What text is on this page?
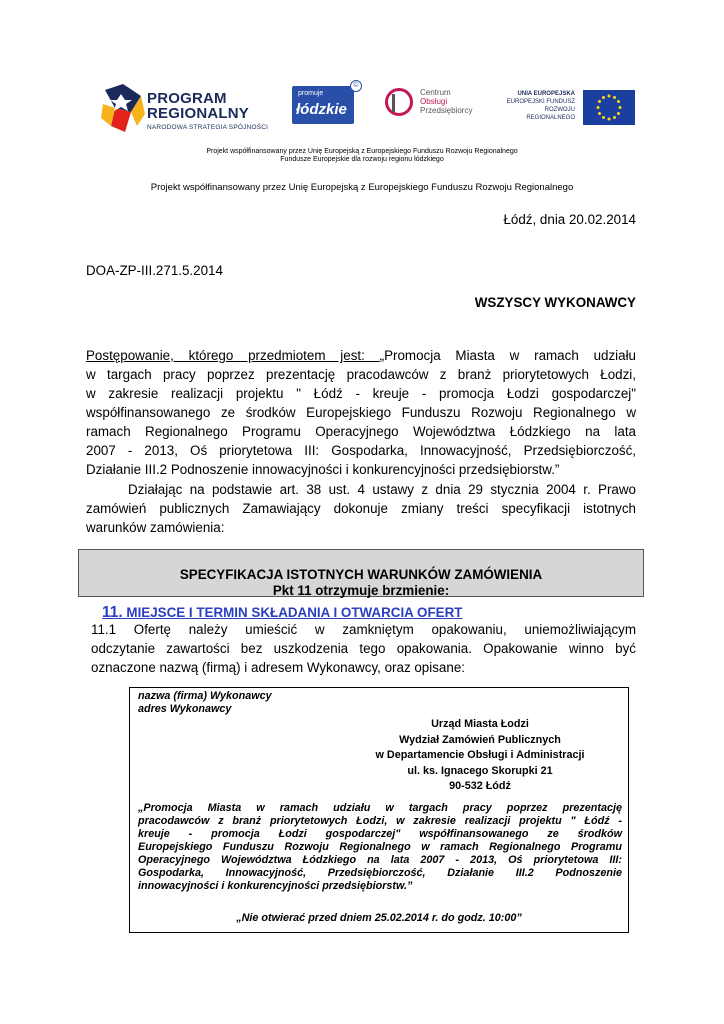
PROGRAM
REGIONALNY
NARODOWA STRATEGIA SPÓJNOŚCI
promuje
łódzkie
©
Centrum
Obsługi
Przedsiębiorcy
UNIA EUROPEJSKA
EUROPEJSKI FUNDUSZ
ROZWOJU REGIONALNEGO
Projekt współfinansowany przez Unię Europejską z Europejskiego Funduszu Rozwoju Regionalnego
Fundusze Europejskie dla rozwoju regionu łódzkiego
Projekt współfinansowany przez Unię Europejską z Europejskiego Funduszu Rozwoju Regionalnego
Łódź, dnia 20.02.2014
DOA-ZP-III.271.5.2014
WSZYSCY WYKONAWCY
Postępowanie, którego przedmiotem jest: „Promocja Miasta w ramach udziału
w targach pracy poprzez prezentację pracodawców z branż priorytetowych Łodzi,
w zakresie realizacji projektu " Łódź - kreuje - promocja Łodzi gospodarczej"
współfinansowanego ze środków Europejskiego Funduszu Rozwoju Regionalnego w
ramach Regionalnego Programu Operacyjnego Województwa Łódzkiego na lata
2007 - 2013, Oś priorytetowa III: Gospodarka, Innowacyjność, Przedsiębiorczość,
Działanie III.2 Podnoszenie innowacyjności i konkurencyjności przedsiębiorstw.”
Działając na podstawie art. 38 ust. 4 ustawy z dnia 29 stycznia 2004 r. Prawo
zamówień publicznych Zamawiający dokonuje zmiany treści specyfikacji istotnych
warunków zamówienia:
SPECYFIKACJA ISTOTNYCH WARUNKÓW ZAMÓWIENIA
Pkt 11 otrzymuje brzmienie:
11. MIEJSCE I TERMIN SKŁADANIA I OTWARCIA OFERT
11.1 Ofertę należy umieścić w zamkniętym opakowaniu, uniemożliwiającym
odczytanie zawartości bez uszkodzenia tego opakowania. Opakowanie winno być
oznaczone nazwą (firmą) i adresem Wykonawcy, oraz opisane:
nazwa (firma) Wykonawcy
adres Wykonawcy
Urząd Miasta Łodzi
Wydział Zamówień Publicznych
w Departamencie Obsługi i Administracji
ul. ks. Ignacego Skorupki 21
90-532 Łódź
„Promocja Miasta w ramach udziału w targach pracy poprzez prezentację
pracodawców z branż priorytetowych Łodzi, w zakresie realizacji projektu " Łódź -
kreuje - promocja Łodzi gospodarczej" współfinansowanego ze środków
Europejskiego Funduszu Rozwoju Regionalnego w ramach Regionalnego Programu
Operacyjnego Województwa Łódzkiego na lata 2007 - 2013, Oś priorytetowa III:
Gospodarka, Innowacyjność, Przedsiębiorczość, Działanie III.2 Podnoszenie
innowacyjności i konkurencyjności przedsiębiorstw.”
„Nie otwierać przed dniem 25.02.2014 r. do godz. 10:00”
